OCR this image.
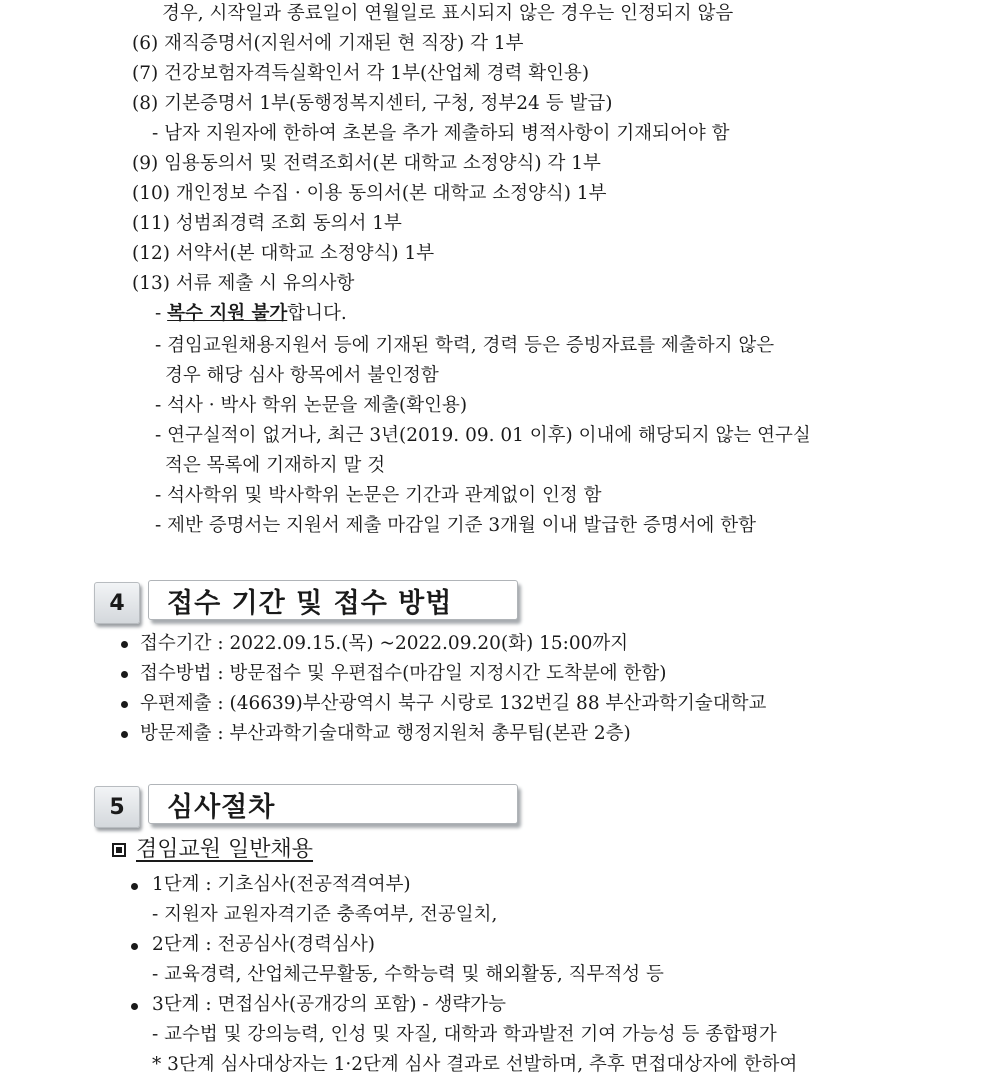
경우, 시작일과 종료일이 연월일로 표시되지 않은 경우는 인정되지 않음
(6) 재직증명서(지원서에 기재된 현 직장) 각 1부
(7) 건강보험자격득실확인서 각 1부(산업체 경력 확인용)
(8) 기본증명서 1부(동행정복지센터, 구청, 정부24 등 발급)
- 남자 지원자에 한하여 초본을 추가 제출하되 병적사항이 기재되어야 함
(9) 임용동의서 및 전력조회서(본 대학교 소정양식) 각 1부
(10) 개인정보 수집 · 이용 동의서(본 대학교 소정양식) 1부
(11) 성범죄경력 조회 동의서 1부
(12) 서약서(본 대학교 소정양식) 1부
(13) 서류 제출 시 유의사항
- 복수 지원 불가합니다.
- 겸임교원채용지원서 등에 기재된 학력, 경력 등은 증빙자료를 제출하지 않은
경우 해당 심사 항목에서 불인정함
- 석사 · 박사 학위 논문을 제출(확인용)
- 연구실적이 없거나, 최근 3년(2019. 09. 01 이후) 이내에 해당되지 않는 연구실
적은 목록에 기재하지 말 것
- 석사학위 및 박사학위 논문은 기간과 관계없이 인정 함
- 제반 증명서는 지원서 제출 마감일 기준 3개월 이내 발급한 증명서에 한함
4	접수 기간 및 접수 방법
접수기간 : 2022.09.15.(목) ~2022.09.20(화) 15:00까지
접수방법 : 방문접수 및 우편접수(마감일 지정시간 도착분에 한함)
우편제출 : (46639)부산광역시 북구 시랑로 132번길 88 부산과학기술대학교
방문제출 : 부산과학기술대학교 행정지원처 총무팀(본관 2층)
5	심사절차
겸임교원 일반채용
1단계 : 기초심사(전공적격여부)
- 지원자 교원자격기준 충족여부, 전공일치,
2단계 : 전공심사(경력심사)
- 교육경력, 산업체근무활동, 수학능력 및 해외활동, 직무적성 등
3단계 : 면접심사(공개강의 포함) - 생략가능
- 교수법 및 강의능력, 인성 및 자질, 대학과 학과발전 기여 가능성 등 종합평가
* 3단계 심사대상자는 1·2단계 심사 결과로 선발하며, 추후 면접대상자에 한하여
